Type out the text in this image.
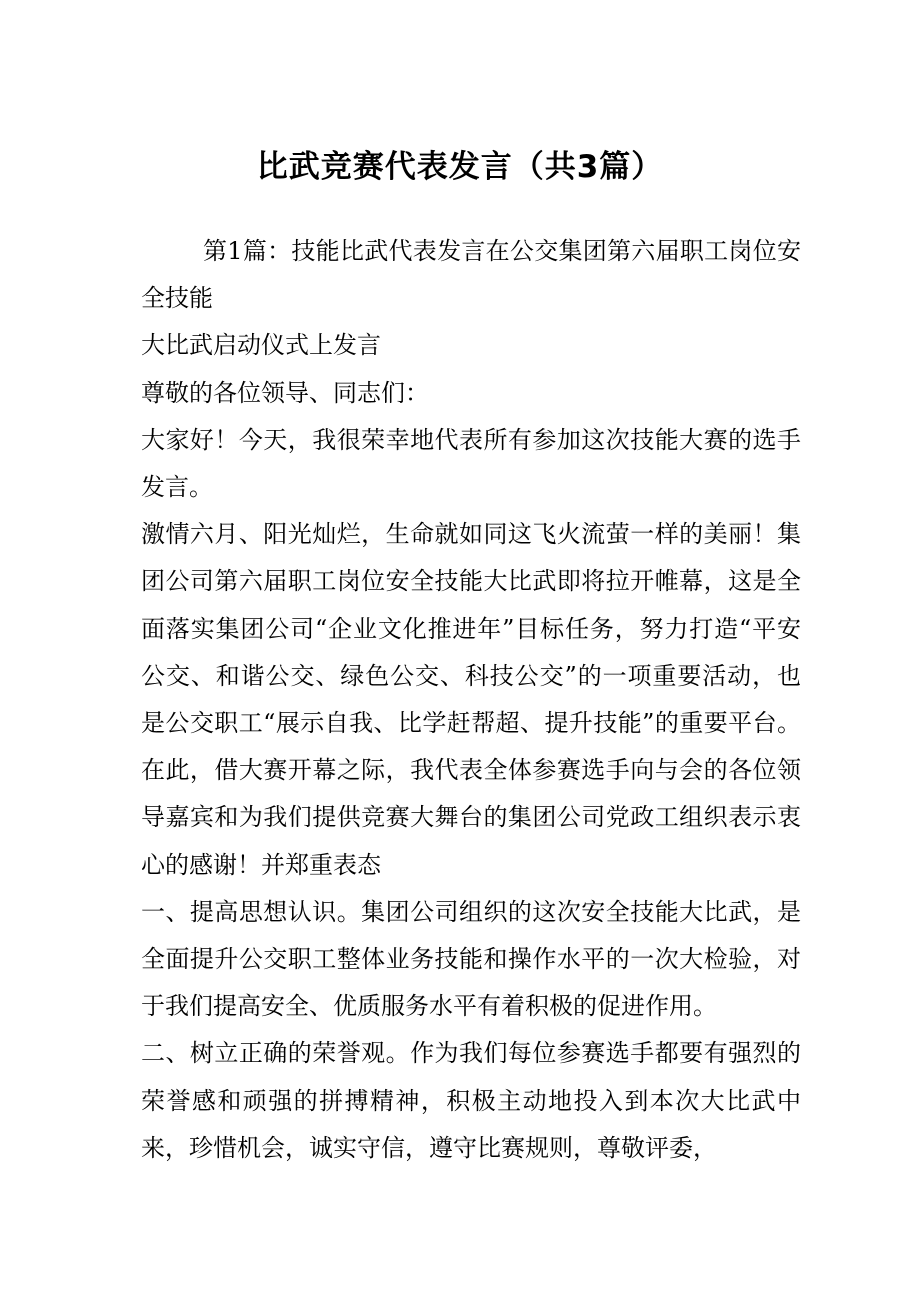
比武竞赛代表发言（共3篇）

第1篇：技能比武代表发言在公交集团第六届职工岗位安全技能

大比武启动仪式上发言

尊敬的各位领导、同志们：

大家好！今天，我很荣幸地代表所有参加这次技能大赛的选手发言。

激情六月、阳光灿烂，生命就如同这飞火流萤一样的美丽！集团公司第六届职工岗位安全技能大比武即将拉开帷幕，这是全面落实集团公司“企业文化推进年”目标任务，努力打造“平安公交、和谐公交、绿色公交、科技公交”的一项重要活动，也是公交职工“展示自我、比学赶帮超、提升技能”的重要平台。在此，借大赛开幕之际，我代表全体参赛选手向与会的各位领导嘉宾和为我们提供竞赛大舞台的集团公司党政工组织表示衷心的感谢！并郑重表态

一、提高思想认识。集团公司组织的这次安全技能大比武，是全面提升公交职工整体业务技能和操作水平的一次大检验，对于我们提高安全、优质服务水平有着积极的促进作用。

二、树立正确的荣誉观。作为我们每位参赛选手都要有强烈的荣誉感和顽强的拼搏精神，积极主动地投入到本次大比武中来，珍惜机会，诚实守信，遵守比赛规则，尊敬评委，
